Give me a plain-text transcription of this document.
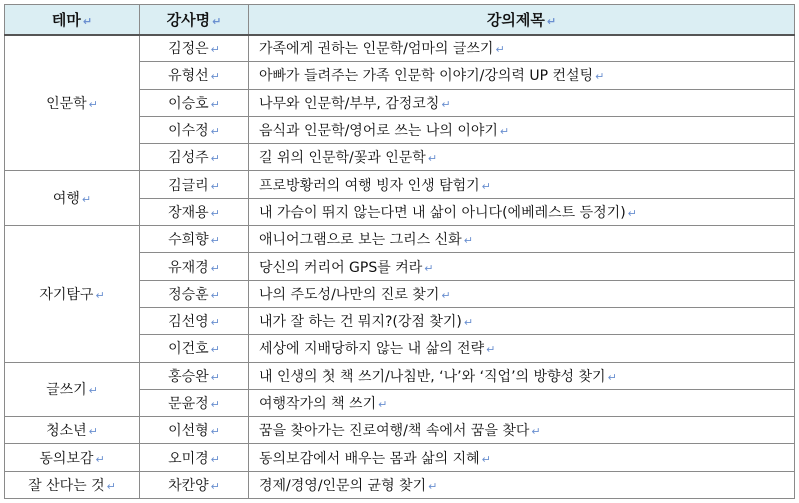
테마 ↵	강사명 ↵	강의제목 ↵
인문학 ↵	김정은 ↵	가족에게 권하는 인문학/엄마의 글쓰기 ↵
	유형선 ↵	아빠가 들려주는 가족 인문학 이야기/강의력 UP 컨설팅 ↵
	이승호 ↵	나무와 인문학/부부, 감정코칭 ↵
	이수정 ↵	음식과 인문학/영어로 쓰는 나의 이야기 ↵
	김성주 ↵	길 위의 인문학/꽃과 인문학 ↵
여행 ↵	김글리 ↵	프로방황러의 여행 빙자 인생 탐험기 ↵
	장재용 ↵	내 가슴이 뛰지 않는다면 내 삶이 아니다(에베레스트 등정기) ↵
자기탐구 ↵	수희향 ↵	애니어그램으로 보는 그리스 신화 ↵
	유재경 ↵	당신의 커리어 GPS를 켜라 ↵
	정승훈 ↵	나의 주도성/나만의 진로 찾기 ↵
	김선영 ↵	내가 잘 하는 건 뭐지?(강점 찾기) ↵
	이건호 ↵	세상에 지배당하지 않는 내 삶의 전략 ↵
글쓰기 ↵	홍승완 ↵	내 인생의 첫 책 쓰기/나침반, ‘나’와 ‘직업’의 방향성 찾기 ↵
	문윤정 ↵	여행작가의 책 쓰기 ↵
청소년 ↵	이선형 ↵	꿈을 찾아가는 진로여행/책 속에서 꿈을 찾다 ↵
동의보감 ↵	오미경 ↵	동의보감에서 배우는 몸과 삶의 지혜 ↵
잘 산다는 것 ↵	차칸양 ↵	경제/경영/인문의 균형 찾기 ↵
